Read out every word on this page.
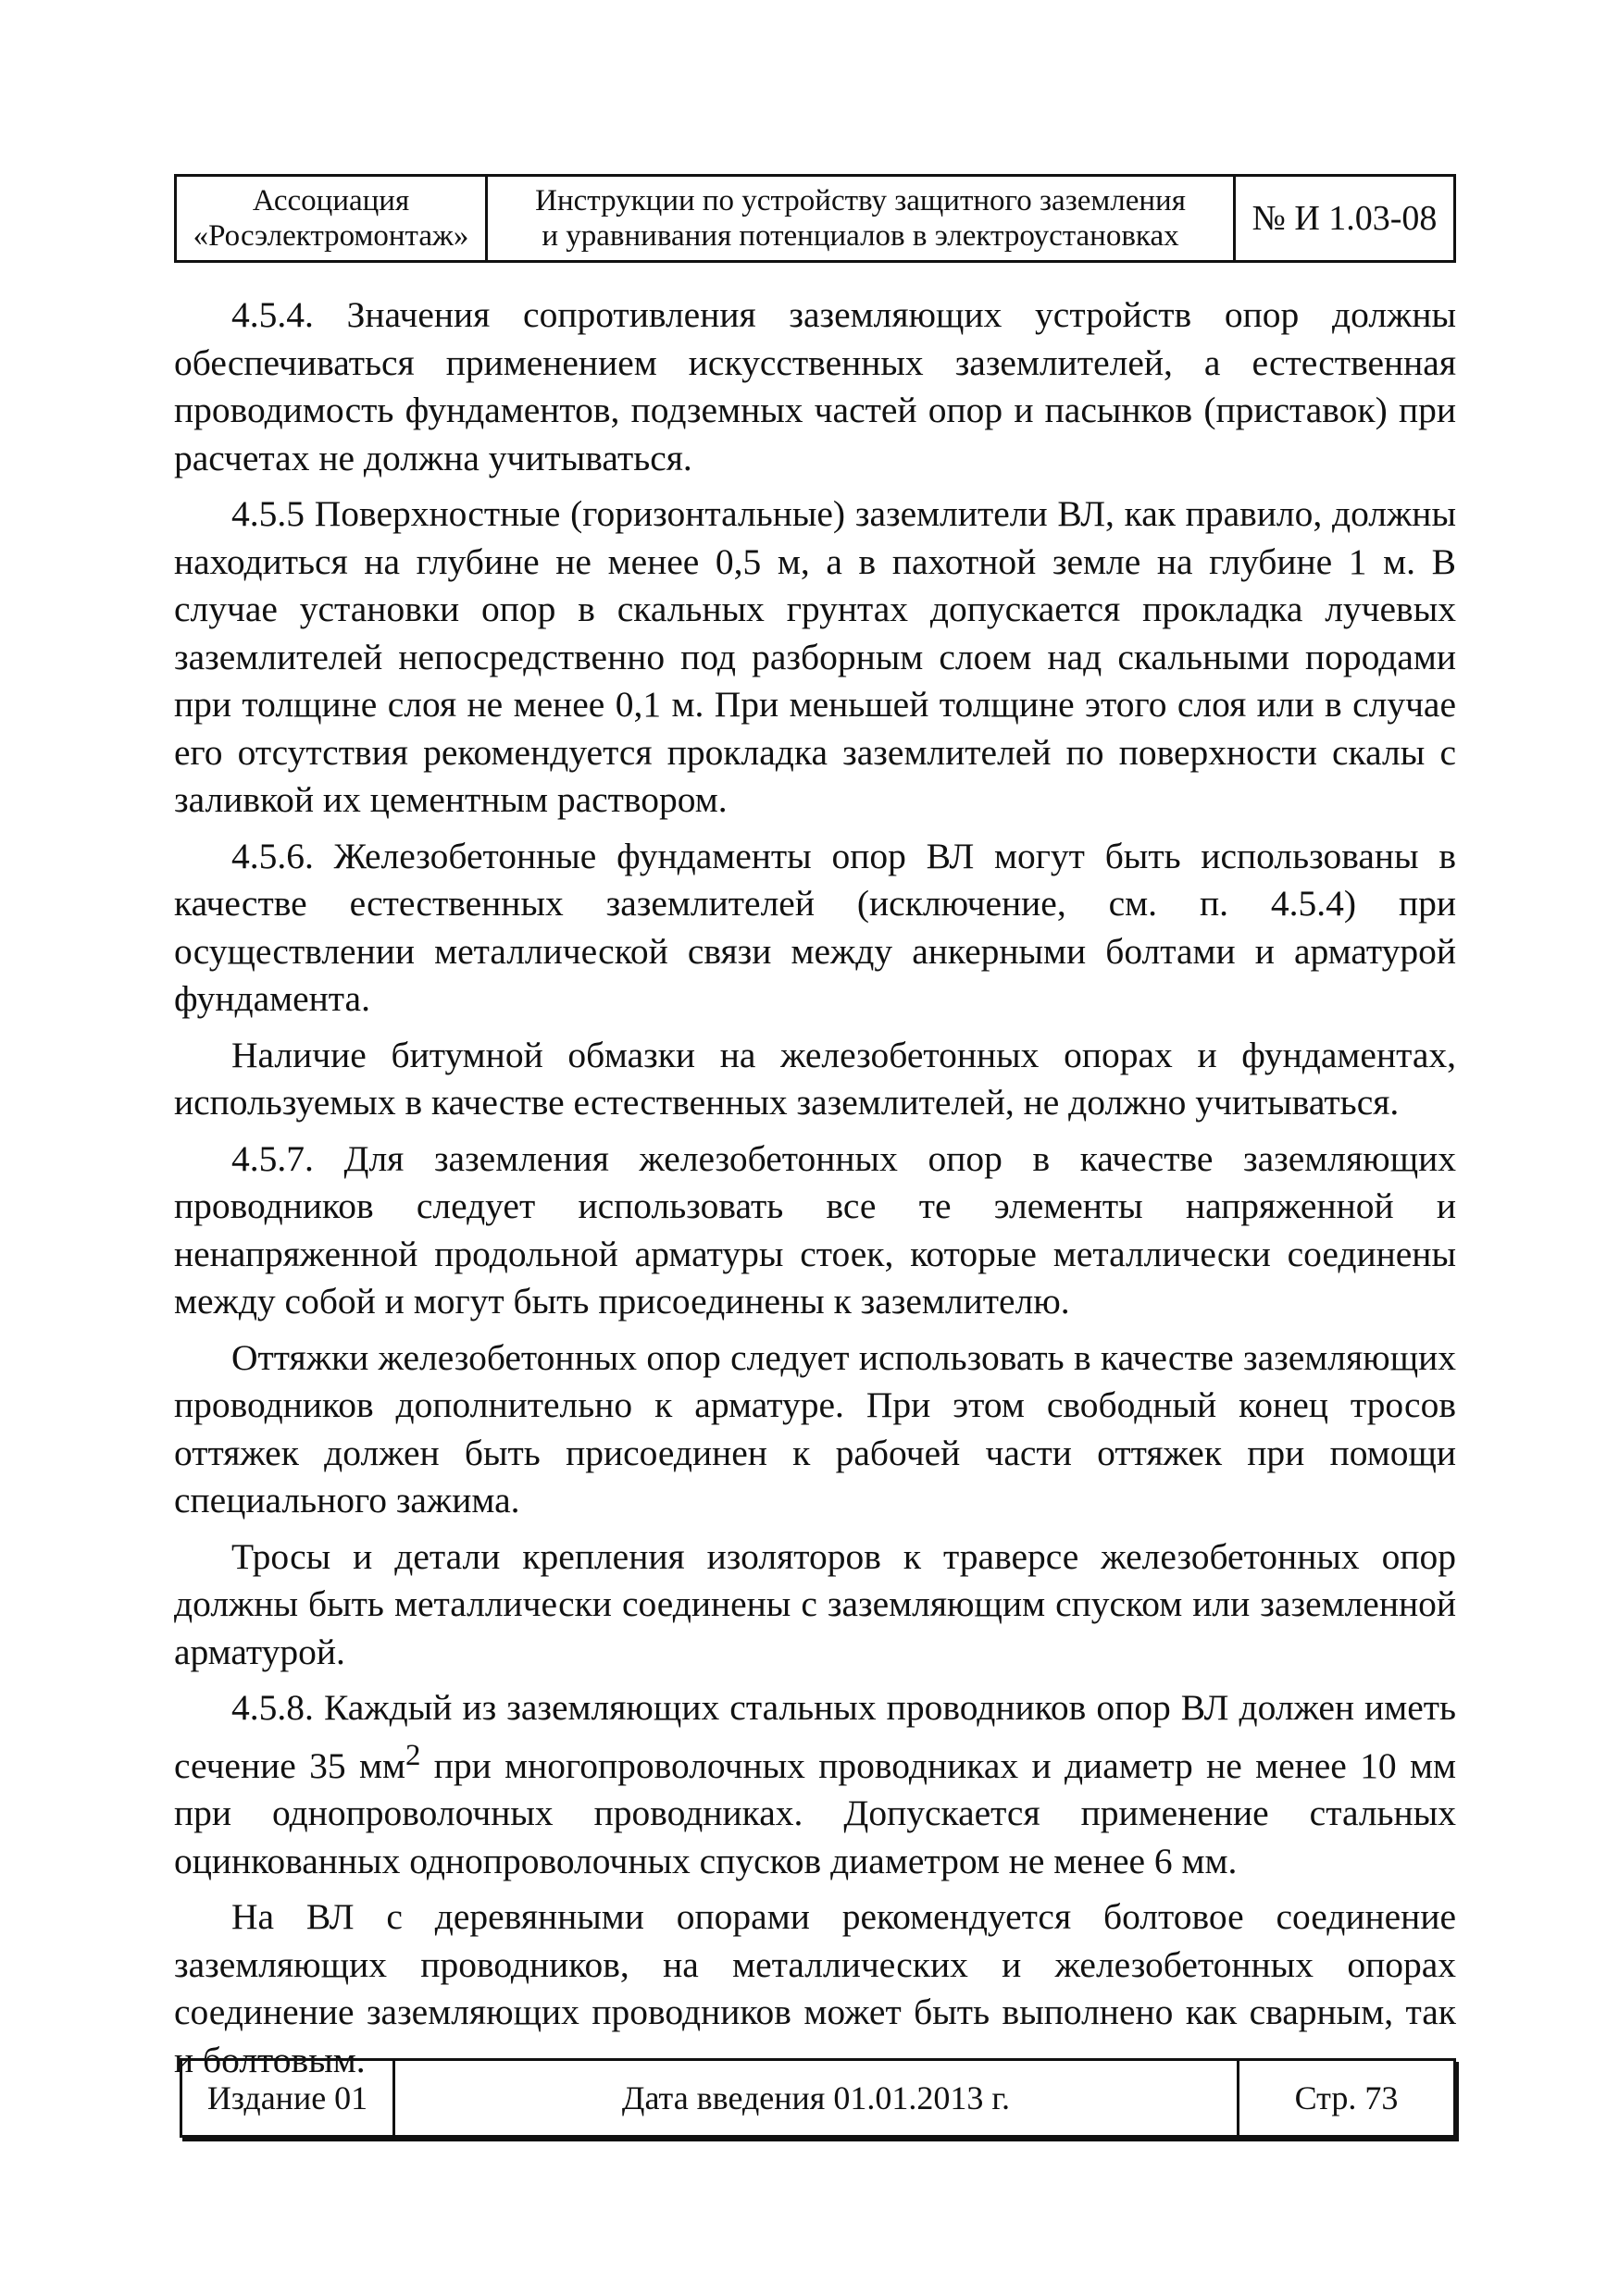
Ассоциация
«Росэлектромонтаж»
Инструкции по устройству защитного заземления
и уравнивания потенциалов в электроустановках № И 1.03-08

4.5.4. Значения сопротивления заземляющих устройств опор должны обеспечиваться применением искусственных заземлителей, а естественная проводимость фундаментов, подземных частей опор и пасынков (приставок) при расчетах не должна учитываться.

4.5.5 Поверхностные (горизонтальные) заземлители ВЛ, как правило, должны находиться на глубине не менее 0,5 м, а в пахотной земле на глубине 1 м. В случае установки опор в скальных грунтах допускается прокладка лучевых заземлителей непосредственно под разборным слоем над скальными породами при толщине слоя не менее 0,1 м. При меньшей толщине этого слоя или в случае его отсутствия рекомендуется прокладка заземлителей по поверхности скалы с заливкой их цементным раствором.

4.5.6. Железобетонные фундаменты опор ВЛ могут быть использованы в качестве естественных заземлителей (исключение, см. п. 4.5.4) при осуществлении металлической связи между анкерными болтами и арматурой фундамента.

Наличие битумной обмазки на железобетонных опорах и фундаментах, используемых в качестве естественных заземлителей, не должно учитываться.

4.5.7. Для заземления железобетонных опор в качестве заземляющих проводников следует использовать все те элементы напряженной и ненапряженной продольной арматуры стоек, которые металлически соединены между собой и могут быть присоединены к заземлителю.

Оттяжки железобетонных опор следует использовать в качестве заземляющих проводников дополнительно к арматуре. При этом свободный конец тросов оттяжек должен быть присоединен к рабочей части оттяжек при помощи специального зажима.

Тросы и детали крепления изоляторов к траверсе железобетонных опор должны быть металлически соединены с заземляющим спуском или заземленной арматурой.

4.5.8. Каждый из заземляющих стальных проводников опор ВЛ должен иметь сечение 35 $мм^2$ при многопроволочных проводниках и диаметр не менее 10 мм при однопроволочных проводниках. Допускается применение стальных оцинкованных однопроволочных спусков диаметром не менее 6 мм.

На ВЛ с деревянными опорами рекомендуется болтовое соединение заземляющих проводников, на металлических и железобетонных опорах соединение заземляющих проводников может быть выполнено как сварным, так и болтовым.

Издание 01	Дата введения 01.01.2013 г.	Стр. 73
